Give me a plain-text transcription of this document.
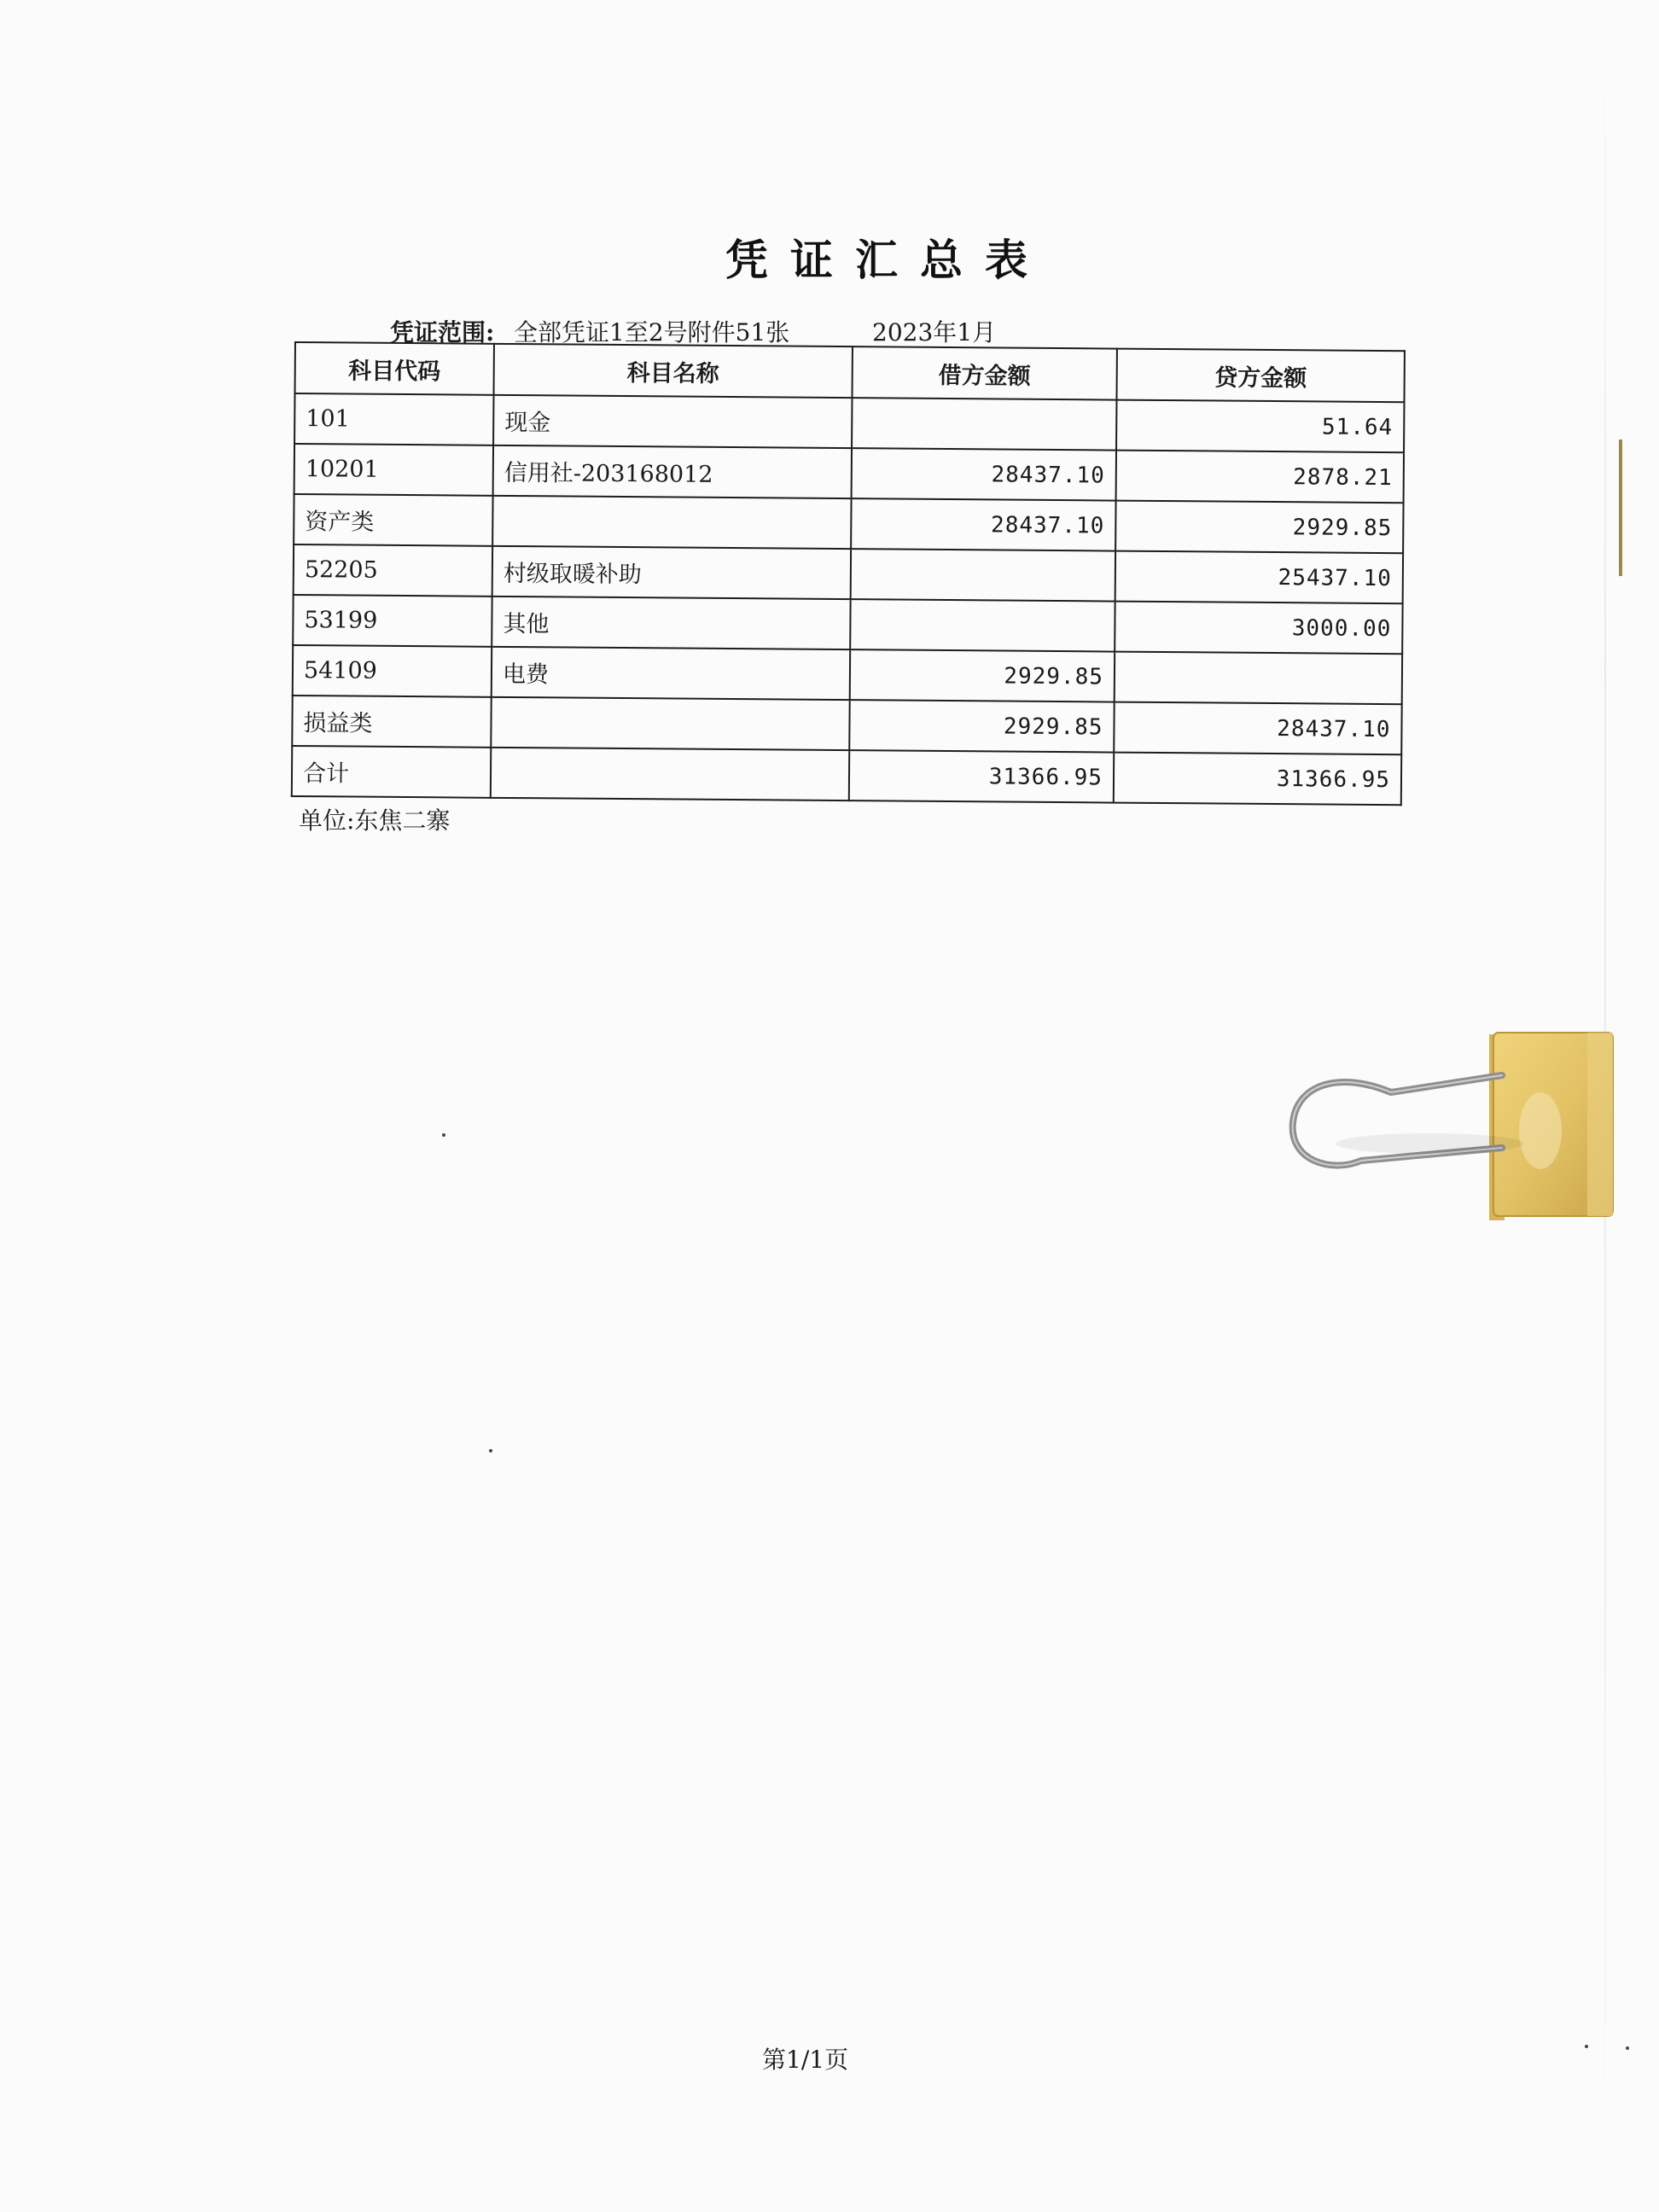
凭证汇总表
凭证范围: 全部凭证1至2号附件51张	2023年1月
科目代码	科目名称	借方金额	贷方金额
101	现金		51.64
10201	信用社-203168012	28437.10	2878.21
资产类		28437.10	2929.85
52205	村级取暖补助		25437.10
53199	其他		3000.00
54109	电费	2929.85	
损益类		2929.85	28437.10
合计		31366.95	31366.95
单位:东焦二寨
第1/1页
